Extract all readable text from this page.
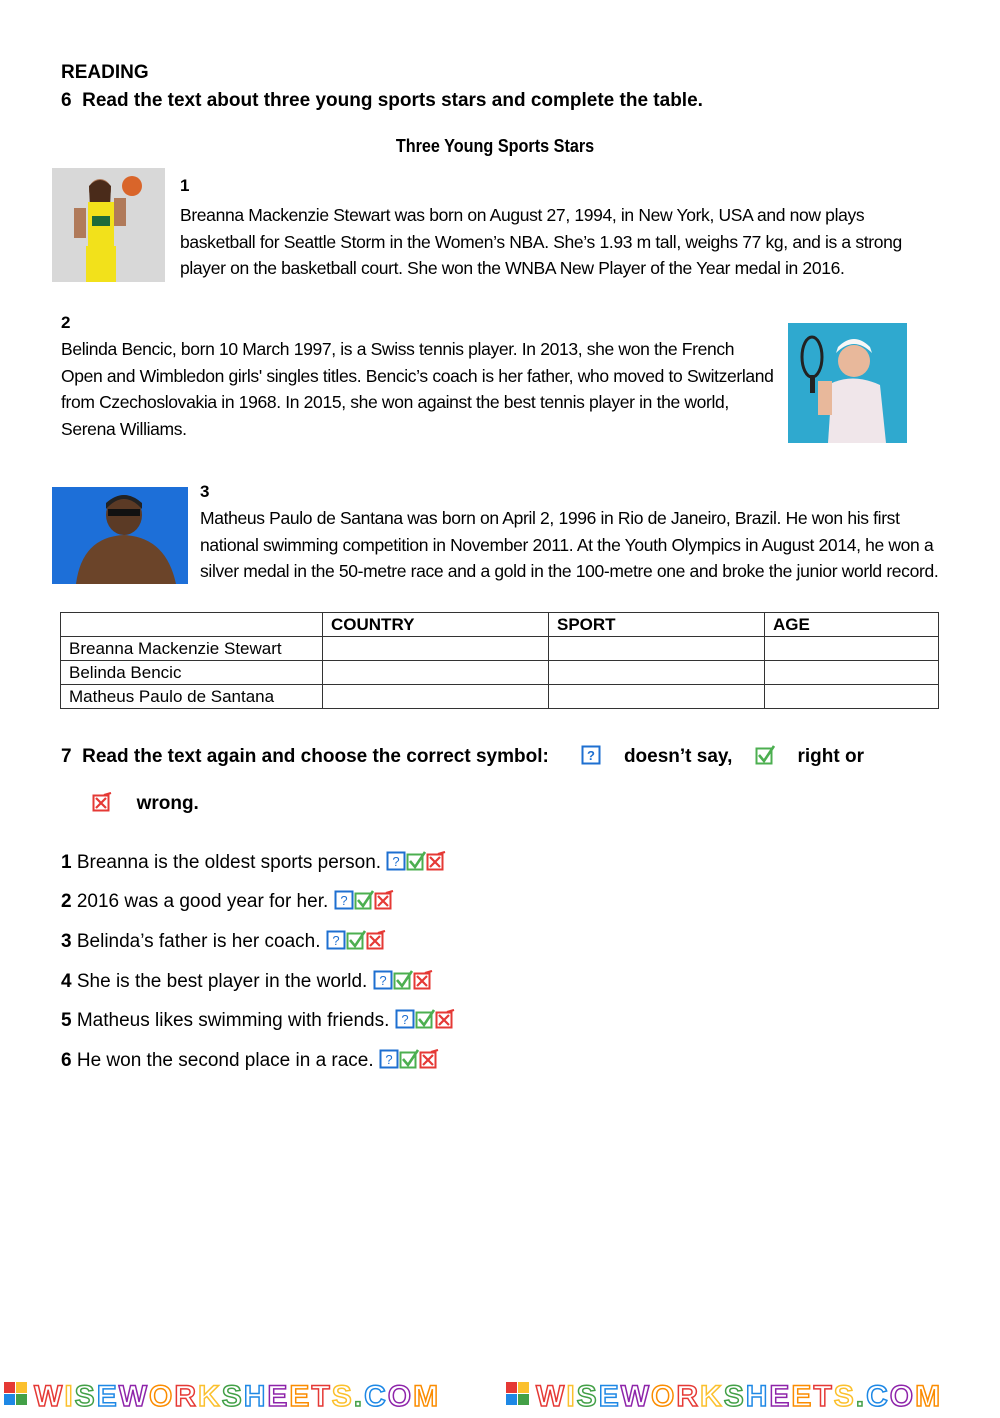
READING
6 Read the text about three young sports stars and complete the table.
Three Young Sports Stars
1
Breanna Mackenzie Stewart was born on August 27, 1994, in New York, USA and now plays basketball for Seattle Storm in the Women’s NBA. She’s 1.93 m tall, weighs 77 kg, and is a strong player on the basketball court. She won the WNBA New Player of the Year medal in 2016.
2
Belinda Bencic, born 10 March 1997, is a Swiss tennis player. In 2013, she won the French Open and Wimbledon girls' singles titles. Bencic’s coach is her father, who moved to Switzerland from Czechoslovakia in 1968. In 2015, she won against the best tennis player in the world, Serena Williams.
3
Matheus Paulo de Santana was born on April 2, 1996 in Rio de Janeiro, Brazil. He won his first national swimming competition in November 2011. At the Youth Olympics in August 2014, he won a silver medal in the 50-metre race and a gold in the 100-metre one and broke the junior world record.
	COUNTRY	SPORT	AGE
Breanna Mackenzie Stewart			
Belinda Bencic			
Matheus Paulo de Santana			
7 Read the text again and choose the correct symbol:	doesn’t say,	right or
wrong.
1 Breanna is the oldest sports person.
2 2016 was a good year for her.
3 Belinda’s father is her coach.
4 She is the best player in the world.
5 Matheus likes swimming with friends.
6 He won the second place in a race.
WISEWORKSHEETS.COM	WISEWORKSHEETS.COM
